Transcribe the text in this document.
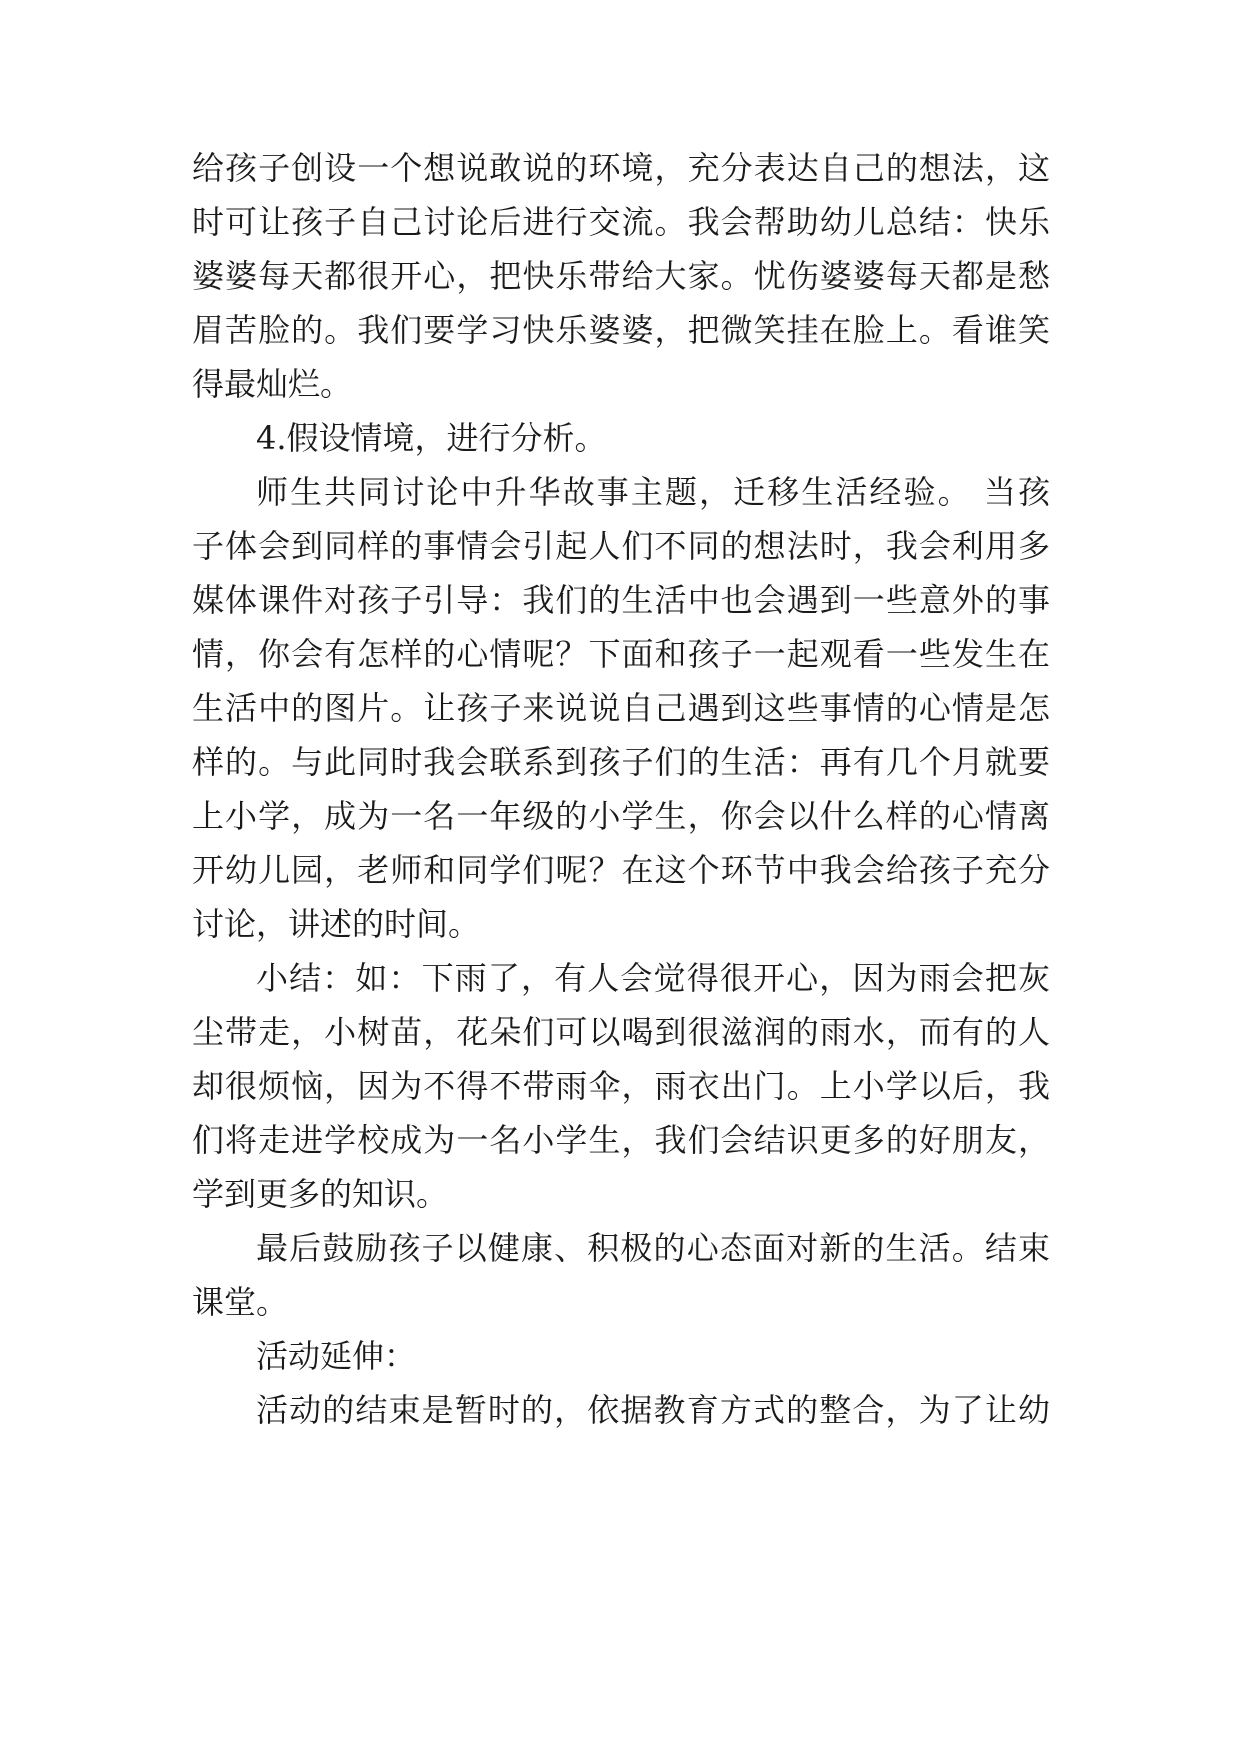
给孩子创设一个想说敢说的环境，充分表达自己的想法，这

时可让孩子自己讨论后进行交流。我会帮助幼儿总结：快乐

婆婆每天都很开心，把快乐带给大家。忧伤婆婆每天都是愁

眉苦脸的。我们要学习快乐婆婆，把微笑挂在脸上。看谁笑

得最灿烂。

4.假设情境，进行分析。

师生共同讨论中升华故事主题，迁移生活经验。 当孩

子体会到同样的事情会引起人们不同的想法时，我会利用多

媒体课件对孩子引导：我们的生活中也会遇到一些意外的事

情，你会有怎样的心情呢？下面和孩子一起观看一些发生在

生活中的图片。让孩子来说说自己遇到这些事情的心情是怎

样的。与此同时我会联系到孩子们的生活：再有几个月就要

上小学，成为一名一年级的小学生，你会以什么样的心情离

开幼儿园，老师和同学们呢？在这个环节中我会给孩子充分

讨论，讲述的时间。

小结：如：下雨了，有人会觉得很开心，因为雨会把灰

尘带走，小树苗，花朵们可以喝到很滋润的雨水，而有的人

却很烦恼，因为不得不带雨伞，雨衣出门。上小学以后，我

们将走进学校成为一名小学生，我们会结识更多的好朋友，

学到更多的知识。

最后鼓励孩子以健康、积极的心态面对新的生活。结束

课堂。

活动延伸：

活动的结束是暂时的，依据教育方式的整合，为了让幼
